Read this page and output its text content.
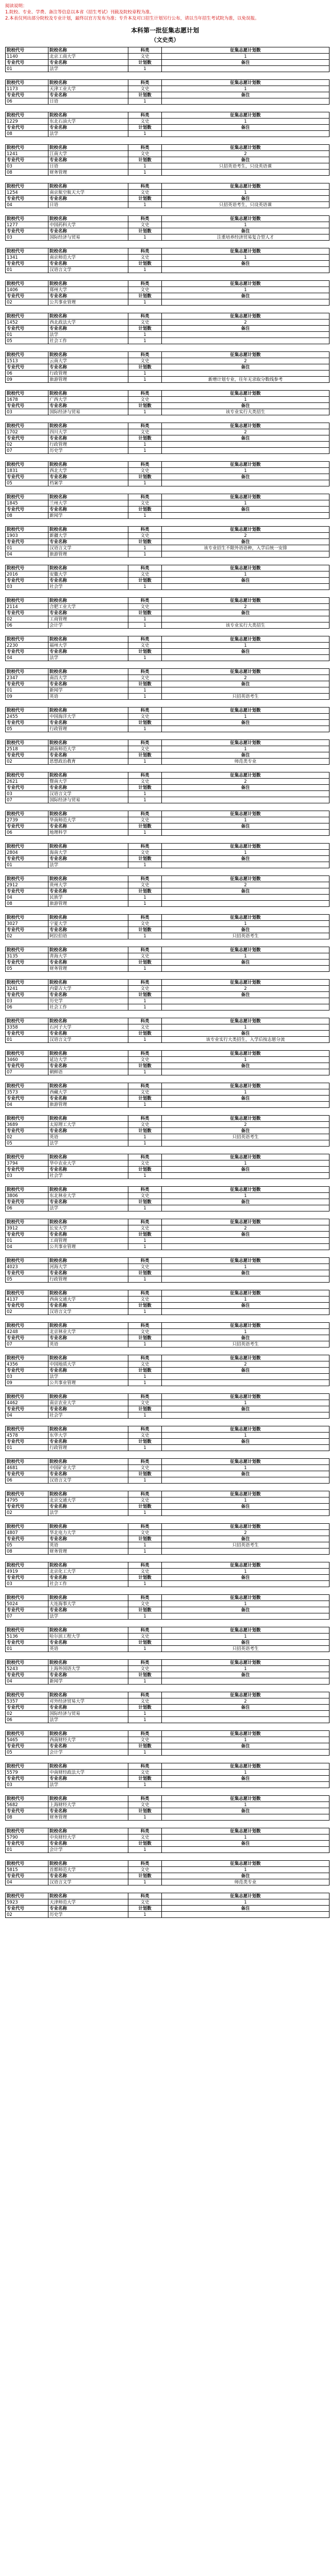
阅读说明：
1.院校、专业、学费、备注等信息以本省《招生考试》刊载及院校章程为准。
2.本表仅列出部分院校及专业计划，最终以官方发布为准；专升本及对口招生计划另行公布，请以当年招生考试院为准，以免误报。
本科第一批征集志愿计划
（文史类）
院校代号	院校名称	科类	征集志愿计划数
1140	北京工商大学	文史	1
专业代号	专业名称	计划数	备注
01	法学	1	
院校代号	院校名称	科类	征集志愿计划数
1173	天津工业大学	文史	1
专业代号	专业名称	计划数	备注
06	日语	1	
院校代号	院校名称	科类	征集志愿计划数
1229	东北石油大学	文史	1
专业代号	专业名称	计划数	备注
08	法学	1	
院校代号	院校名称	科类	征集志愿计划数
1241	江南大学	文史	2
专业代号	专业名称	计划数	备注
03	日语	1	只招英语考生，只设英语课
08	财务管理	1	
院校代号	院校名称	科类	征集志愿计划数
1254	南京航空航天大学	文史	1
专业代号	专业名称	计划数	备注
04	日语	1	只招英语考生，只设英语课
院校代号	院校名称	科类	征集志愿计划数
1277	中国药科大学	文史	1
专业代号	专业名称	计划数	备注
03	国际经济与贸易	1	注重培养经济贸易复合型人才
院校代号	院校名称	科类	征集志愿计划数
1341	南京师范大学	文史	1
专业代号	专业名称	计划数	备注
01	汉语言文学	1	
院校代号	院校名称	科类	征集志愿计划数
1406	郑州大学	文史	1
专业代号	专业名称	计划数	备注
02	公共事业管理	1	
院校代号	院校名称	科类	征集志愿计划数
1452	西北政法大学	文史	2
专业代号	专业名称	计划数	备注
01	法学	1	
05	社会工作	1	
院校代号	院校名称	科类	征集志愿计划数
1513	云南大学	文史	2
专业代号	专业名称	计划数	备注
06	行政管理	1	
09	旅游管理	1	新增计划专业，往年无录取分数线参考
院校代号	院校名称	科类	征集志愿计划数
1678	广西大学	文史	1
专业代号	专业名称	计划数	备注
03	国际经济与贸易	1	该专业实行大类招生
院校代号	院校名称	科类	征集志愿计划数
1702	四川大学	文史	2
专业代号	专业名称	计划数	备注
02	行政管理	1	
07	历史学	1	
院校代号	院校名称	科类	征集志愿计划数
1831	西北大学	文史	1
专业代号	专业名称	计划数	备注
05	档案学	1	
院校代号	院校名称	科类	征集志愿计划数
1845	兰州大学	文史	1
专业代号	专业名称	计划数	备注
08	新闻学	1	
院校代号	院校名称	科类	征集志愿计划数
1903	新疆大学	文史	2
专业代号	专业名称	计划数	备注
01	汉语言文学	1	该专业招生不限外语语种，入学后统一安排
04	旅游管理	1	
院校代号	院校名称	科类	征集志愿计划数
2016	安徽大学	文史	1
专业代号	专业名称	计划数	备注
03	社会学	1	
院校代号	院校名称	科类	征集志愿计划数
2114	合肥工业大学	文史	2
专业代号	专业名称	计划数	备注
02	工商管理	1	
06	会计学	1	该专业实行大类招生
院校代号	院校名称	科类	征集志愿计划数
2230	福州大学	文史	1
专业代号	专业名称	计划数	备注
04	法学	1	
院校代号	院校名称	科类	征集志愿计划数
2347	南昌大学	文史	2
专业代号	专业名称	计划数	备注
01	新闻学	1	
09	英语	1	只招英语考生
院校代号	院校名称	科类	征集志愿计划数
2455	中国海洋大学	文史	1
专业代号	专业名称	计划数	备注
05	行政管理	1	
院校代号	院校名称	科类	征集志愿计划数
2518	湖南师范大学	文史	1
专业代号	专业名称	计划数	备注
02	思想政治教育	1	师范类专业
院校代号	院校名称	科类	征集志愿计划数
2621	暨南大学	文史	2
专业代号	专业名称	计划数	备注
03	汉语言文学	1	
07	国际经济与贸易	1	
院校代号	院校名称	科类	征集志愿计划数
2739	华南师范大学	文史	1
专业代号	专业名称	计划数	备注
06	地理科学	1	
院校代号	院校名称	科类	征集志愿计划数
2804	海南大学	文史	1
专业代号	专业名称	计划数	备注
01	法学	1	
院校代号	院校名称	科类	征集志愿计划数
2912	贵州大学	文史	2
专业代号	专业名称	计划数	备注
04	民族学	1	
08	旅游管理	1	
院校代号	院校名称	科类	征集志愿计划数
3027	宁夏大学	文史	1
专业代号	专业名称	计划数	备注
02	阿拉伯语	1	只招英语考生
院校代号	院校名称	科类	征集志愿计划数
3135	青海大学	文史	1
专业代号	专业名称	计划数	备注
05	财务管理	1	
院校代号	院校名称	科类	征集志愿计划数
3241	内蒙古大学	文史	2
专业代号	专业名称	计划数	备注
03	历史学	1	
06	社会工作	1	
院校代号	院校名称	科类	征集志愿计划数
3358	石河子大学	文史	1
专业代号	专业名称	计划数	备注
01	汉语言文学	1	该专业实行大类招生，入学后按志愿分流
院校代号	院校名称	科类	征集志愿计划数
3460	延边大学	文史	1
专业代号	专业名称	计划数	备注
07	朝鲜语	1	
院校代号	院校名称	科类	征集志愿计划数
3573	西藏大学	文史	1
专业代号	专业名称	计划数	备注
04	旅游管理	1	
院校代号	院校名称	科类	征集志愿计划数
3689	太原理工大学	文史	2
专业代号	专业名称	计划数	备注
02	英语	1	只招英语考生
05	法学	1	
院校代号	院校名称	科类	征集志愿计划数
3794	华中农业大学	文史	1
专业代号	专业名称	计划数	备注
03	社会学	1	
院校代号	院校名称	科类	征集志愿计划数
3806	东北林业大学	文史	1
专业代号	专业名称	计划数	备注
06	法学	1	
院校代号	院校名称	科类	征集志愿计划数
3912	长安大学	文史	2
专业代号	专业名称	计划数	备注
01	工商管理	1	
04	公共事业管理	1	
院校代号	院校名称	科类	征集志愿计划数
4023	河海大学	文史	1
专业代号	专业名称	计划数	备注
05	行政管理	1	
院校代号	院校名称	科类	征集志愿计划数
4137	西南交通大学	文史	1
专业代号	专业名称	计划数	备注
02	汉语言文学	1	
院校代号	院校名称	科类	征集志愿计划数
4248	北京林业大学	文史	1
专业代号	专业名称	计划数	备注
07	英语	1	只招英语考生
院校代号	院校名称	科类	征集志愿计划数
4356	中国地质大学	文史	2
专业代号	专业名称	计划数	备注
03	法学	1	
09	公共事业管理	1	
院校代号	院校名称	科类	征集志愿计划数
4462	南京农业大学	文史	1
专业代号	专业名称	计划数	备注
04	社会学	1	
院校代号	院校名称	科类	征集志愿计划数
4578	东华大学	文史	1
专业代号	专业名称	计划数	备注
01	行政管理	1	
院校代号	院校名称	科类	征集志愿计划数
4681	中国矿业大学	文史	1
专业代号	专业名称	计划数	备注
06	汉语言文学	1	
院校代号	院校名称	科类	征集志愿计划数
4795	北京交通大学	文史	1
专业代号	专业名称	计划数	备注
02	法学	1	
院校代号	院校名称	科类	征集志愿计划数
4807	华北电力大学	文史	2
专业代号	专业名称	计划数	备注
05	英语	1	只招英语考生
08	财务管理	1	
院校代号	院校名称	科类	征集志愿计划数
4919	北京化工大学	文史	1
专业代号	专业名称	计划数	备注
03	社会工作	1	
院校代号	院校名称	科类	征集志愿计划数
5024	大连海事大学	文史	1
专业代号	专业名称	计划数	备注
07	法学	1	
院校代号	院校名称	科类	征集志愿计划数
5136	哈尔滨工程大学	文史	1
专业代号	专业名称	计划数	备注
01	英语	1	只招英语考生
院校代号	院校名称	科类	征集志愿计划数
5243	上海外国语大学	文史	1
专业代号	专业名称	计划数	备注
04	新闻学	1	
院校代号	院校名称	科类	征集志愿计划数
5357	对外经济贸易大学	文史	2
专业代号	专业名称	计划数	备注
02	国际经济与贸易	1	
06	法学	1	
院校代号	院校名称	科类	征集志愿计划数
5465	西南财经大学	文史	1
专业代号	专业名称	计划数	备注
05	会计学	1	
院校代号	院校名称	科类	征集志愿计划数
5579	中南财经政法大学	文史	1
专业代号	专业名称	计划数	备注
03	法学	1	
院校代号	院校名称	科类	征集志愿计划数
5682	上海财经大学	文史	1
专业代号	专业名称	计划数	备注
08	财务管理	1	
院校代号	院校名称	科类	征集志愿计划数
5790	中央财经大学	文史	1
专业代号	专业名称	计划数	备注
01	会计学	1	
院校代号	院校名称	科类	征集志愿计划数
5815	首都师范大学	文史	1
专业代号	专业名称	计划数	备注
04	汉语言文学	1	师范类专业
院校代号	院校名称	科类	征集志愿计划数
5923	天津师范大学	文史	1
专业代号	专业名称	计划数	备注
02	历史学	1	
